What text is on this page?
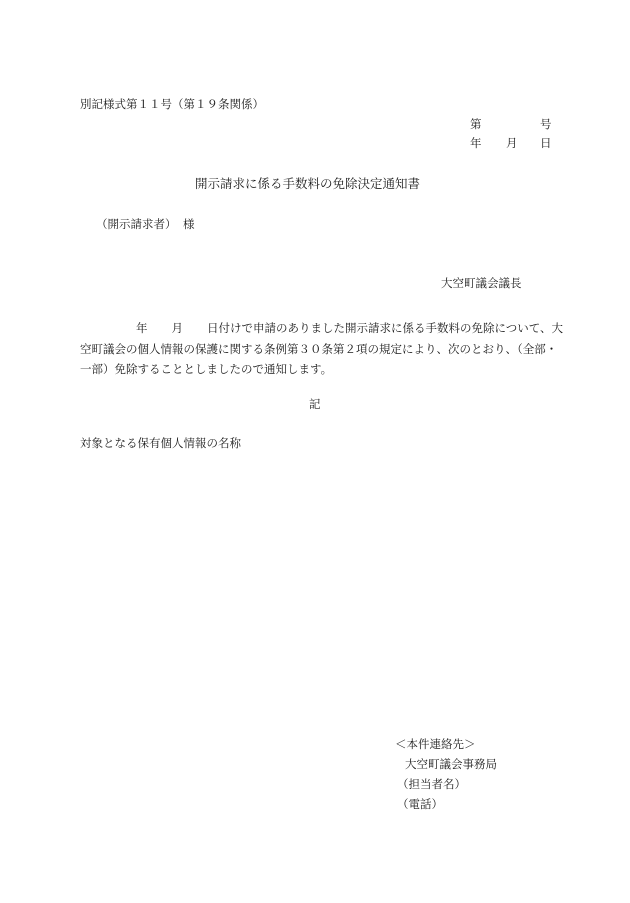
別記様式第１１号（第１９条関係）
第	号
年 月 日
開示請求に係る手数料の免除決定通知書
（開示請求者） 様
大空町議会議長
年 月 日付けで申請のありました開示請求に係る手数料の免除について、大空町議会の個人情報の保護に関する条例第３０条第２項の規定により、次のとおり、（全部・一部）免除することとしましたので通知します。
記
対象となる保有個人情報の名称
＜本件連絡先＞
大空町議会事務局
（担当者名）
（電話）
